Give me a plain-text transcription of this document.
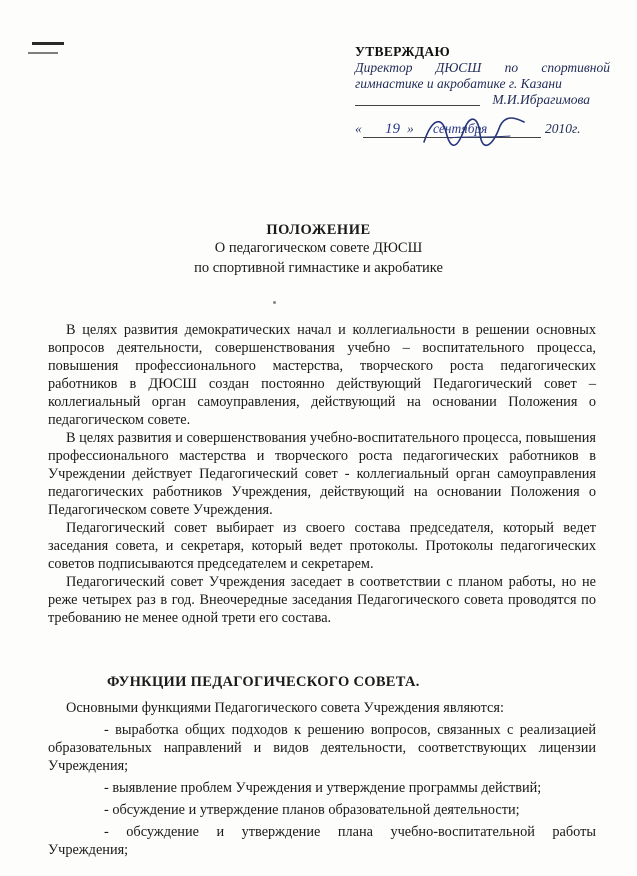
УТВЕРЖДАЮ
Директор ДЮСШ по спортивной гимнастике и акробатике г. Казани
М.И.Ибрагимова
« 19 » сентября	2010г.
ПОЛОЖЕНИЕ
О педагогическом совете ДЮСШ
по спортивной гимнастике и акробатике

В целях развития демократических начал и коллегиальности в решении основных вопросов деятельности, совершенствования учебно – воспитательного процесса, повышения профессионального мастерства, творческого роста педагогических работников в ДЮСШ создан постоянно действующий Педагогический совет – коллегиальный орган самоуправления, действующий на основании Положения о педагогическом совете.

В целях развития и совершенствования учебно-воспитательного процесса, повышения профессионального мастерства и творческого роста педагогических работников в Учреждении действует Педагогический совет - коллегиальный орган самоуправления педагогических работников Учреждения, действующий на основании Положения о Педагогическом совете Учреждения.

Педагогический совет выбирает из своего состава председателя, который ведет заседания совета, и секретаря, который ведет протоколы. Протоколы педагогических советов подписываются председателем и секретарем.

Педагогический совет Учреждения заседает в соответствии с планом работы, но не реже четырех раз в год. Внеочередные заседания Педагогического совета проводятся по требованию не менее одной трети его состава.

ФУНКЦИИ ПЕДАГОГИЧЕСКОГО СОВЕТА.

Основными функциями Педагогического совета Учреждения являются:

- выработка общих подходов к решению вопросов, связанных с реализацией образовательных направлений и видов деятельности, соответствующих лицензии Учреждения;

- выявление проблем Учреждения и утверждение программы действий;

- обсуждение и утверждение планов образовательной деятельности;

- обсуждение и утверждение плана учебно-воспитательной работы Учреждения;
